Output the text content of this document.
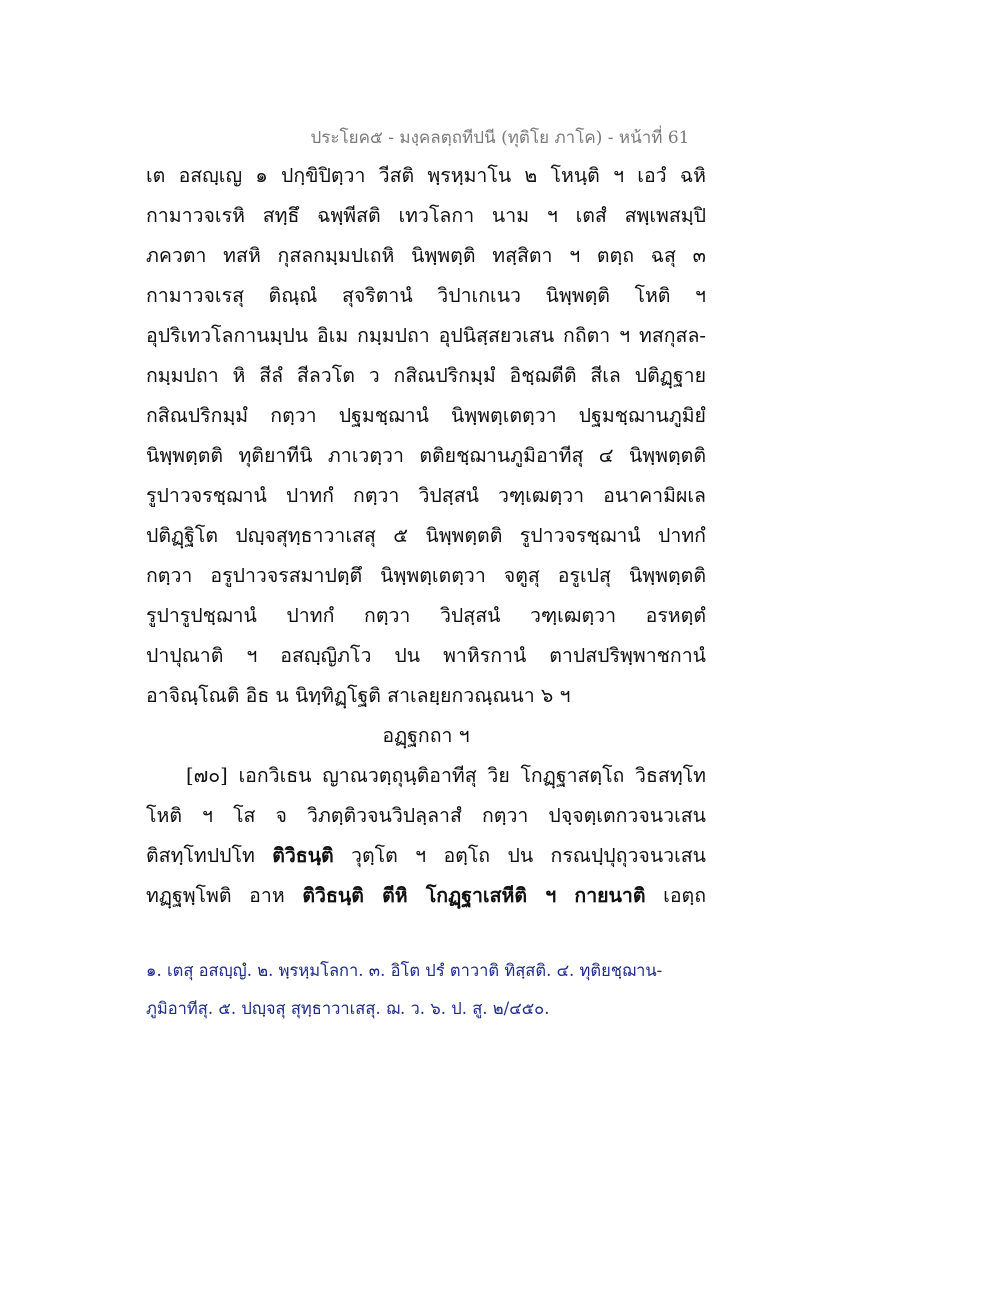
ประโยค๕ - มงฺคลตฺถทีปนี (ทุติโย ภาโค) - หน้าที่ 61
เต อสญฺเญ ๑ ปกฺขิปิตฺวา วีสติ พฺรหฺมาโน ๒ โหนฺติ ฯ เอวํ ฉหิ
กามาวจเรหิ สทฺธึ ฉพฺพีสติ เทวโลกา นาม ฯ เตสํ สพฺเพสมฺปิ
ภควตา ทสหิ กุสลกมฺมปเถหิ นิพฺพตฺติ ทสฺสิตา ฯ ตตฺถ ฉสุ ๓
กามาวจเรสุ ติณฺณํ สุจริตานํ วิปาเกเนว นิพฺพตฺติ โหติ ฯ
อุปริเทวโลกานมฺปน อิเม กมฺมปถา อุปนิสฺสยวเสน กถิตา ฯ ทสกุสล-
กมฺมปถา หิ สีลํ สีลวโต ว กสิณปริกมฺมํ อิชฺฌตีติ สีเล ปติฏฺฐาย
กสิณปริกมฺมํ กตฺวา ปฐมชฺฌานํ นิพฺพตฺเตตฺวา ปฐมชฺฌานภูมิยํ
นิพฺพตฺตติ ทุติยาทีนิ ภาเวตฺวา ตติยชฺฌานภูมิอาทีสุ ๔ นิพฺพตฺตติ
รูปาวจรชฺฌานํ ปาทกํ กตฺวา วิปสฺสนํ วฑฺเฒตฺวา อนาคามิผเล
ปติฏฺฐิโต ปญฺจสุทฺธาวาเสสุ ๕ นิพฺพตฺตติ รูปาวจรชฺฌานํ ปาทกํ
กตฺวา อรูปาวจรสมาปตฺตึ นิพฺพตฺเตตฺวา จตูสุ อรูเปสุ นิพฺพตฺตติ
รูปารูปชฺฌานํ ปาทกํ กตฺวา วิปสฺสนํ วฑฺเฒตฺวา อรหตฺตํ
ปาปุณาติ ฯ อสญฺญิภโว ปน พาหิรกานํ ตาปสปริพฺพาชกานํ
อาจิณฺโณติ อิธ น นิทฺทิฏฺโฐติ สาเลยฺยกวณฺณนา ๖ ฯ
อฏฺฐกถา ฯ
[๗๐] เอกวิเธน ญาณวตฺถุนฺติอาทีสุ วิย โกฏฺฐาสตฺโถ วิธสทฺโท
โหติ ฯ โส จ วิภตฺติวจนวิปลฺลาสํ กตฺวา ปจฺจตฺเตกวจนวเสน
ติสทฺโทปปโท ติวิธนฺติ วุตฺโต ฯ อตฺโถ ปน กรณปฺปุถุวจนวเสน
ทฏฺฐพฺโพติ อาห ติวิธนฺติ ตีหิ โกฏฺฐาเสหีติ ฯ กายนาติ เอตฺถ
๑. เตสุ อสญฺญํ. ๒. พฺรหฺมโลกา. ๓. อิโต ปรํ ตาวาติ ทิสฺสติ. ๔. ทุติยชฺฌาน-
ภูมิอาทีสุ. ๕. ปญฺจสุ สุทฺธาวาเสสุ. ฌ. ว. ๖. ป. สู. ๒/๔๕๐.
